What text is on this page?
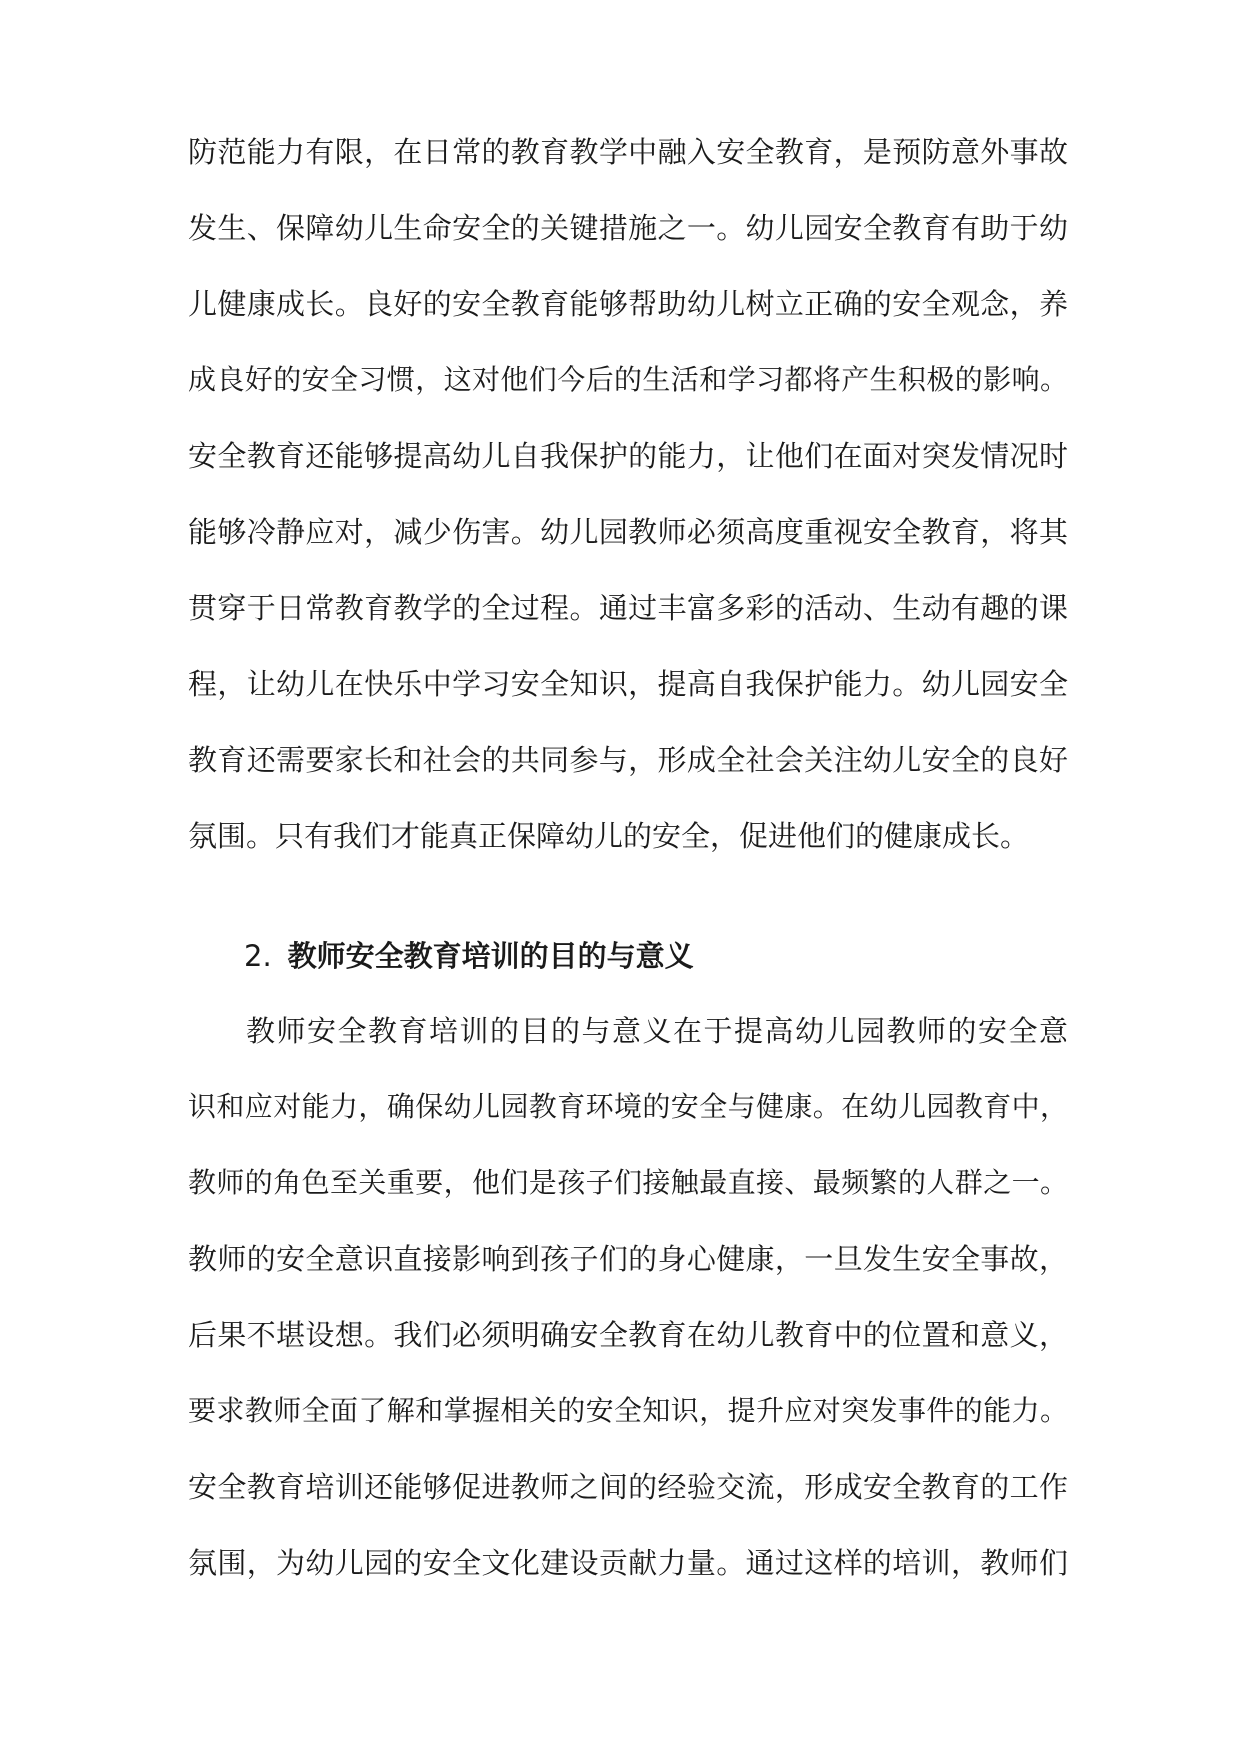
防范能力有限，在日常的教育教学中融入安全教育，是预防意外事故
发生、保障幼儿生命安全的关键措施之一。幼儿园安全教育有助于幼
儿健康成长。良好的安全教育能够帮助幼儿树立正确的安全观念，养
成良好的安全习惯，这对他们今后的生活和学习都将产生积极的影响。
安全教育还能够提高幼儿自我保护的能力，让他们在面对突发情况时
能够冷静应对，减少伤害。幼儿园教师必须高度重视安全教育，将其
贯穿于日常教育教学的全过程。通过丰富多彩的活动、生动有趣的课
程，让幼儿在快乐中学习安全知识，提高自我保护能力。幼儿园安全
教育还需要家长和社会的共同参与，形成全社会关注幼儿安全的良好
氛围。只有我们才能真正保障幼儿的安全，促进他们的健康成长。
2. 教师安全教育培训的目的与意义
教师安全教育培训的目的与意义在于提高幼儿园教师的安全意
识和应对能力，确保幼儿园教育环境的安全与健康。在幼儿园教育中，
教师的角色至关重要，他们是孩子们接触最直接、最频繁的人群之一。
教师的安全意识直接影响到孩子们的身心健康，一旦发生安全事故，
后果不堪设想。我们必须明确安全教育在幼儿教育中的位置和意义，
要求教师全面了解和掌握相关的安全知识，提升应对突发事件的能力。
安全教育培训还能够促进教师之间的经验交流，形成安全教育的工作
氛围，为幼儿园的安全文化建设贡献力量。通过这样的培训，教师们
